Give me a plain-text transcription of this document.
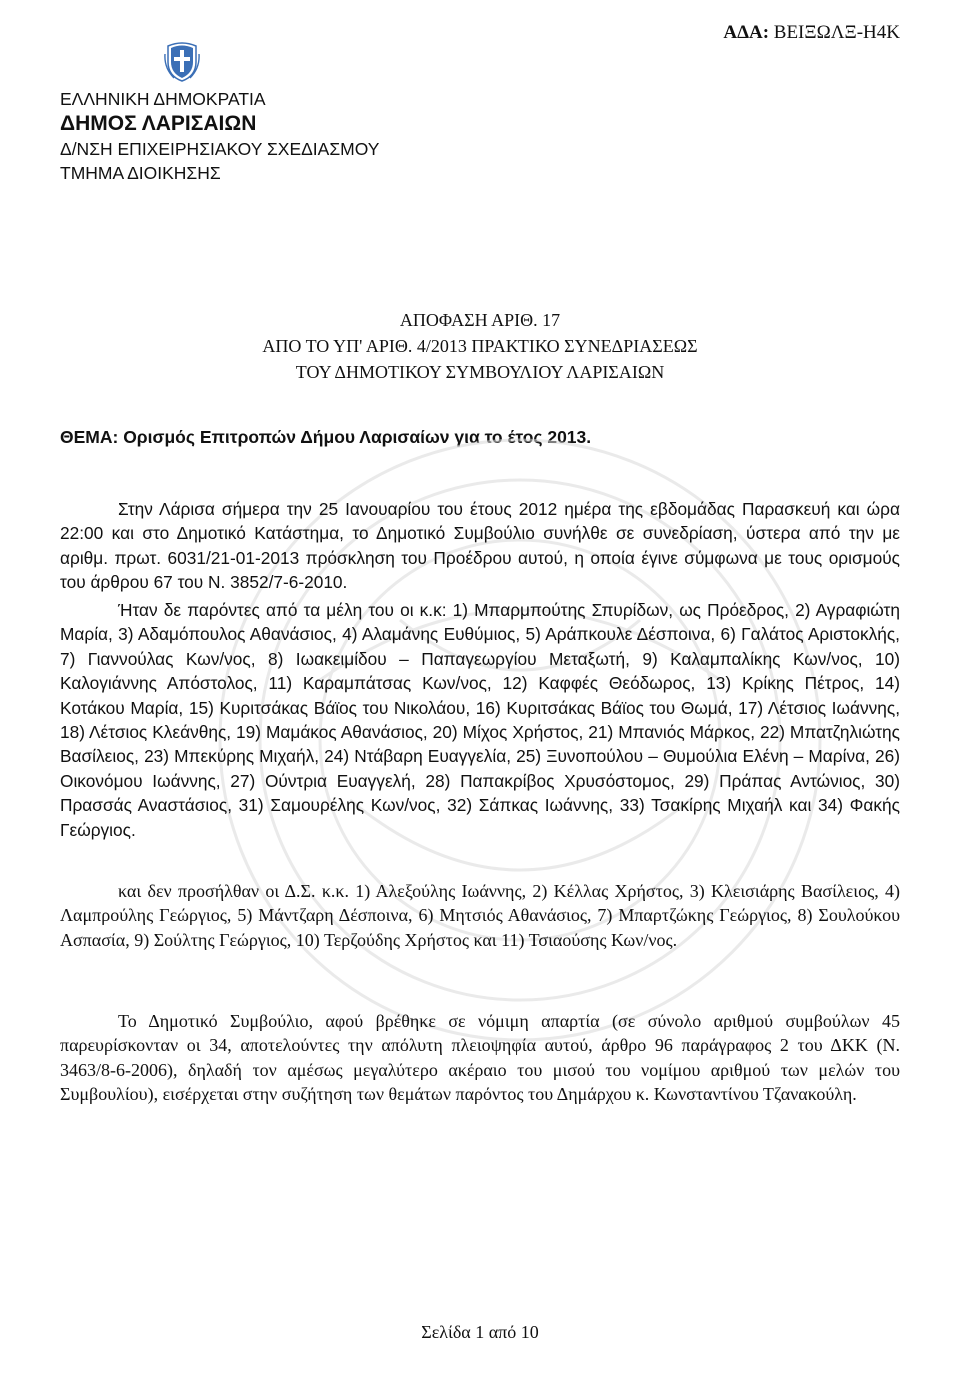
ΑΔΑ: ΒΕΙΞΩΛΞ-Η4Κ
ΕΛΛΗΝΙΚΗ ΔΗΜΟΚΡΑΤΙΑ
ΔΗΜΟΣ ΛΑΡΙΣΑΙΩΝ
Δ/ΝΣΗ ΕΠΙΧΕΙΡΗΣΙΑΚΟΥ ΣΧΕΔΙΑΣΜΟΥ
ΤΜΗΜΑ ΔΙΟΙΚΗΣΗΣ
ΑΠΟΦΑΣΗ ΑΡΙΘ. 17
ΑΠΟ ΤΟ ΥΠ' ΑΡΙΘ. 4/2013 ΠΡΑΚΤΙΚΟ ΣΥΝΕΔΡΙΑΣΕΩΣ
ΤΟΥ ΔΗΜΟΤΙΚΟΥ ΣΥΜΒΟΥΛΙΟΥ ΛΑΡΙΣΑΙΩΝ
ΘΕΜΑ: Ορισμός Επιτροπών Δήμου Λαρισαίων για το έτος 2013.
Στην Λάρισα σήμερα την 25 Ιανουαρίου του έτους 2012 ημέρα της εβδομάδας Παρασκευή και ώρα 22:00 και στο Δημοτικό Κατάστημα, το Δημοτικό Συμβούλιο συνήλθε σε συνεδρίαση, ύστερα από την με αριθμ. πρωτ. 6031/21-01-2013 πρόσκληση του Προέδρου αυτού, η οποία έγινε σύμφωνα με τους ορισμούς του άρθρου 67 του Ν. 3852/7-6-2010.
Ήταν δε παρόντες από τα μέλη του οι κ.κ: 1) Μπαρμπούτης Σπυρίδων, ως Πρόεδρος, 2) Αγραφιώτη Μαρία, 3) Αδαμόπουλος Αθανάσιος, 4) Αλαμάνης Ευθύμιος, 5) Αράπκουλε Δέσποινα, 6) Γαλάτος Αριστοκλής, 7) Γιαννούλας Κων/νος, 8) Ιωακειμίδου – Παπαγεωργίου Μεταξωτή, 9) Καλαμπαλίκης Κων/νος, 10) Καλογιάννης Απόστολος, 11) Καραμπάτσας Κων/νος, 12) Καφφές Θεόδωρος, 13) Κρίκης Πέτρος, 14) Κοτάκου Μαρία, 15) Κυριτσάκας Βάϊος του Νικολάου, 16) Κυριτσάκας Βάϊος του Θωμά, 17) Λέτσιος Ιωάννης, 18) Λέτσιος Κλεάνθης, 19) Μαμάκος Αθανάσιος, 20) Μίχος Χρήστος, 21) Μπανιός Μάρκος, 22) Μπατζηλιώτης Βασίλειος, 23) Μπεκύρης Μιχαήλ, 24) Ντάβαρη Ευαγγελία, 25) Ξυνοπούλου – Θυμούλια Ελένη – Μαρίνα, 26) Οικονόμου Ιωάννης, 27) Ούντρια Ευαγγελή, 28) Παπακρίβος Χρυσόστομος, 29) Πράπας Αντώνιος, 30) Πρασσάς Αναστάσιος, 31) Σαμουρέλης Κων/νος, 32) Σάπκας Ιωάννης, 33) Τσακίρης Μιχαήλ και 34) Φακής Γεώργιος.
και δεν προσήλθαν οι Δ.Σ. κ.κ. 1) Αλεξούλης Ιωάννης, 2) Κέλλας Χρήστος, 3) Κλεισιάρης Βασίλειος, 4) Λαμπρούλης Γεώργιος, 5) Μάντζαρη Δέσποινα, 6) Μητσιός Αθανάσιος, 7) Μπαρτζώκης Γεώργιος, 8) Σουλούκου Ασπασία, 9) Σούλτης Γεώργιος, 10) Τερζούδης Χρήστος και 11) Τσιαούσης Κων/νος.
Το Δημοτικό Συμβούλιο, αφού βρέθηκε σε νόμιμη απαρτία (σε σύνολο αριθμού συμβούλων 45 παρευρίσκονταν οι 34, αποτελούντες την απόλυτη πλειοψηφία αυτού, άρθρο 96 παράγραφος 2 του ΔΚΚ (Ν. 3463/8-6-2006), δηλαδή τον αμέσως μεγαλύτερο ακέραιο του μισού του νομίμου αριθμού των μελών του Συμβουλίου), εισέρχεται στην συζήτηση των θεμάτων παρόντος του Δημάρχου κ. Κωνσταντίνου Τζανακούλη.
Σελίδα 1 από 10
